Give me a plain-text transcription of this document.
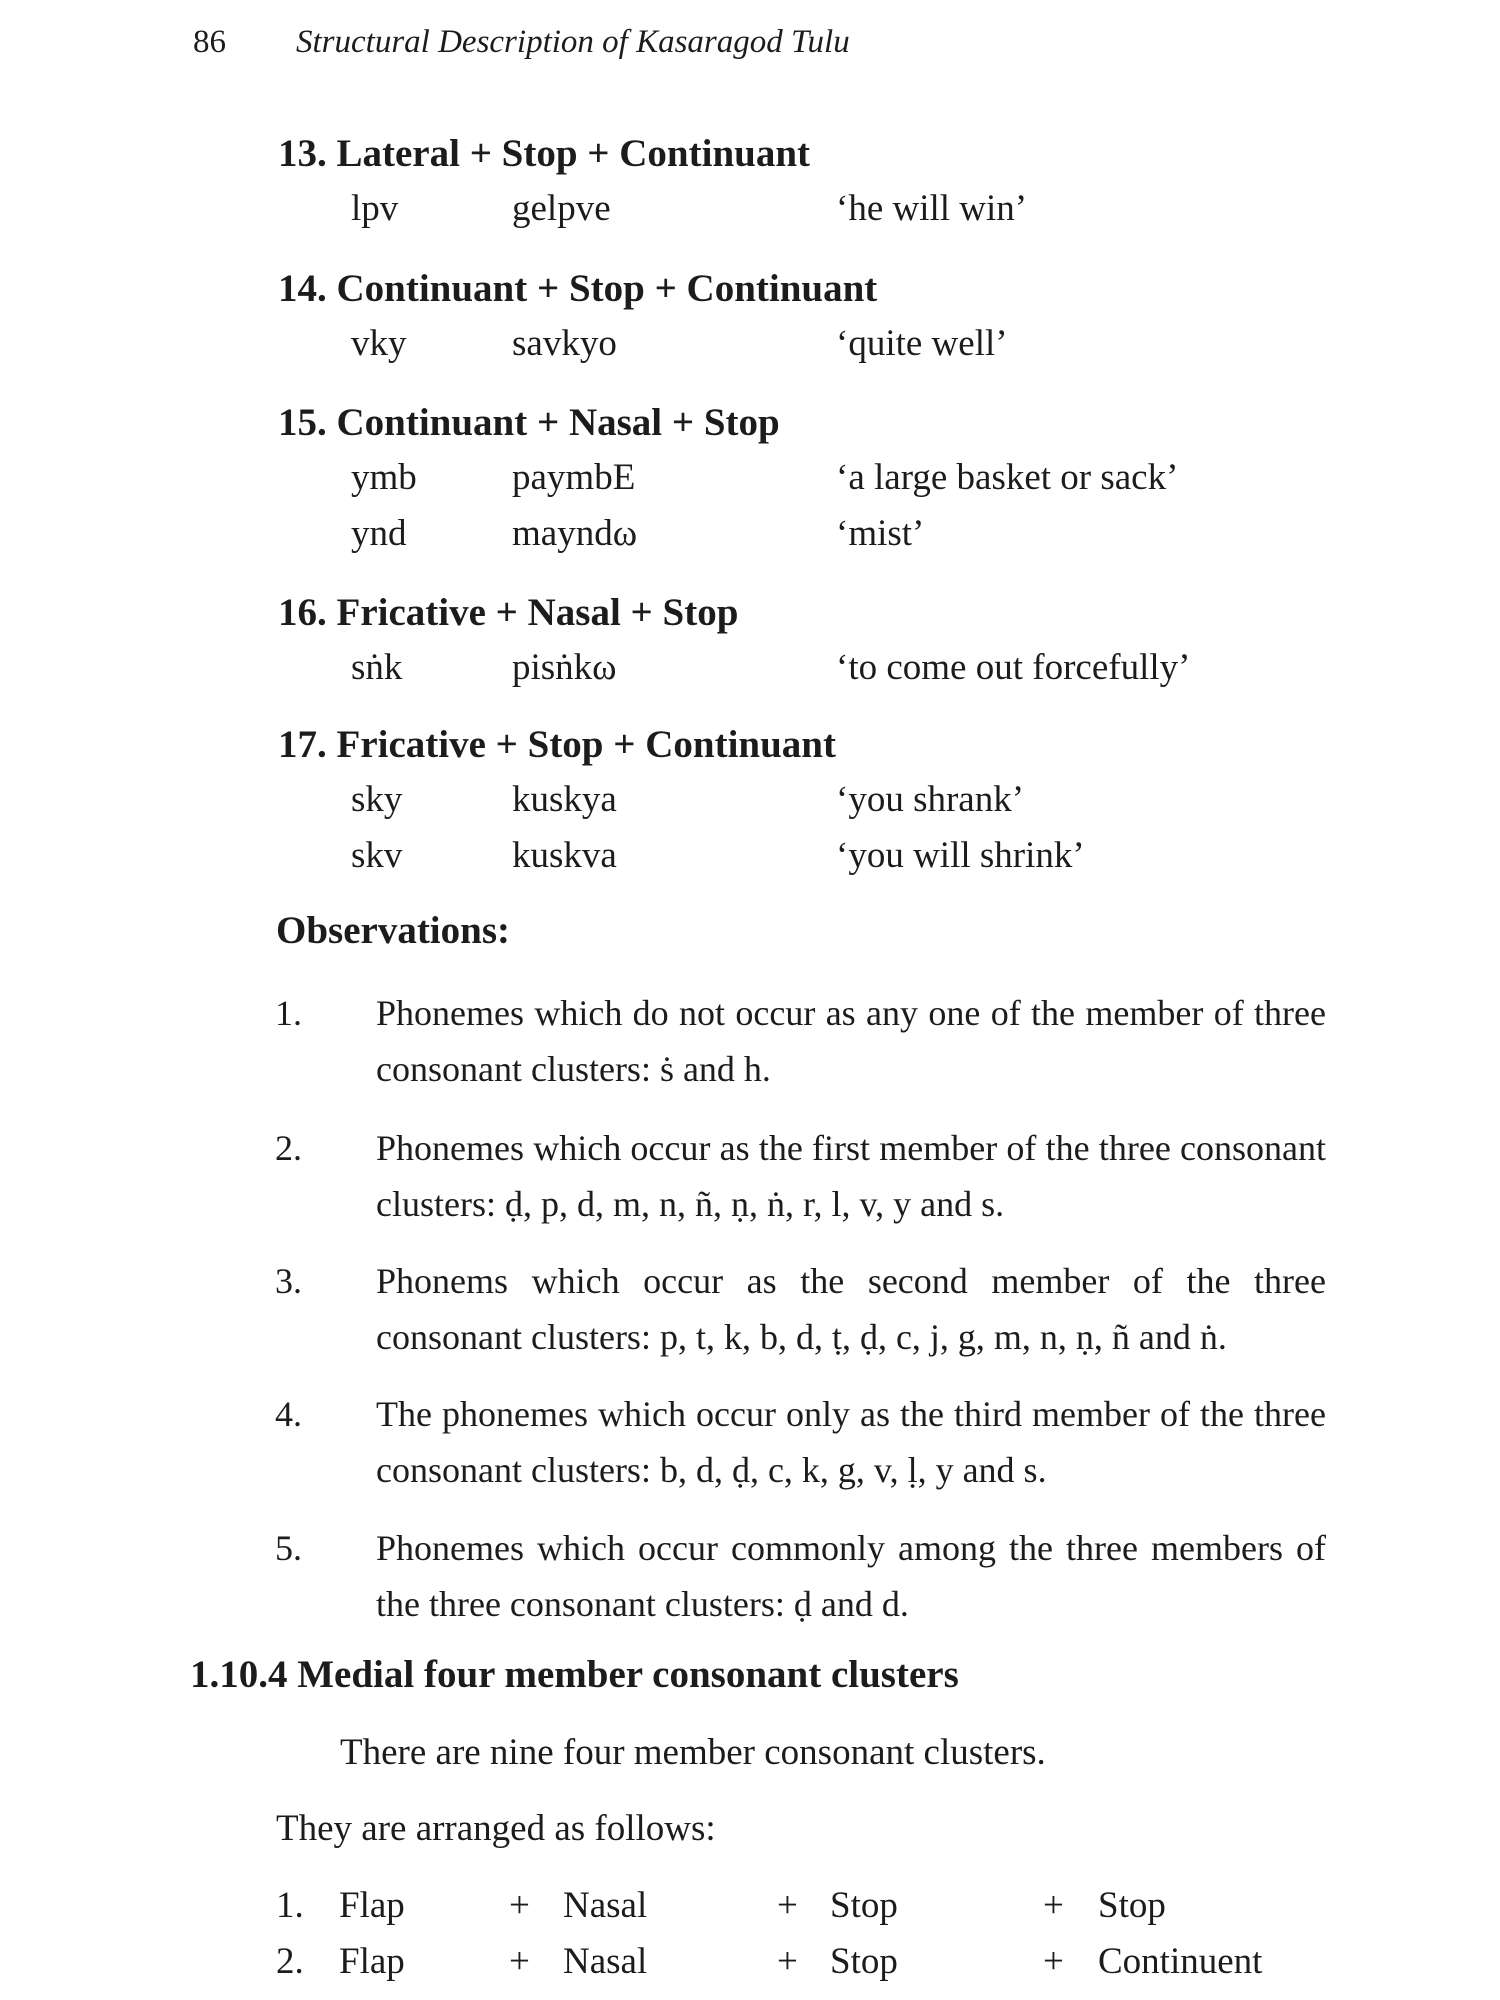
86 Structural Description of Kasaragod Tulu
13. Lateral + Stop + Continuant
lpv	gelpve	‘he will win’
14. Continuant + Stop + Continuant
vky	savkyo	‘quite well’
15. Continuant + Nasal + Stop
ymb	paymbE	‘a large basket or sack’
ynd	mayndω	‘mist’
16. Fricative + Nasal + Stop
sṅk	pisṅkω	‘to come out forcefully’
17. Fricative + Stop + Continuant
sky	kuskya	‘you shrank’
skv	kuskva	‘you will shrink’
Observations:
1. Phonemes which do not occur as any one of the member of three consonant clusters: ṡ and h.
2. Phonemes which occur as the first member of the three consonant clusters: ḍ, p, d, m, n, ñ, ṇ, ṅ, r, l, v, y and s.
3. Phonems which occur as the second member of the three consonant clusters: p, t, k, b, d, ṭ, ḍ, c, j, g, m, n, ṇ, ñ and ṅ.
4. The phonemes which occur only as the third member of the three consonant clusters: b, d, ḍ, c, k, g, v, ḷ, y and s.
5. Phonemes which occur commonly among the three members of the three consonant clusters: ḍ and d.
1.10.4 Medial four member consonant clusters
There are nine four member consonant clusters.
They are arranged as follows:
1. Flap	+ Nasal	+ Stop	+ Stop
2. Flap	+ Nasal	+ Stop	+ Continuent
